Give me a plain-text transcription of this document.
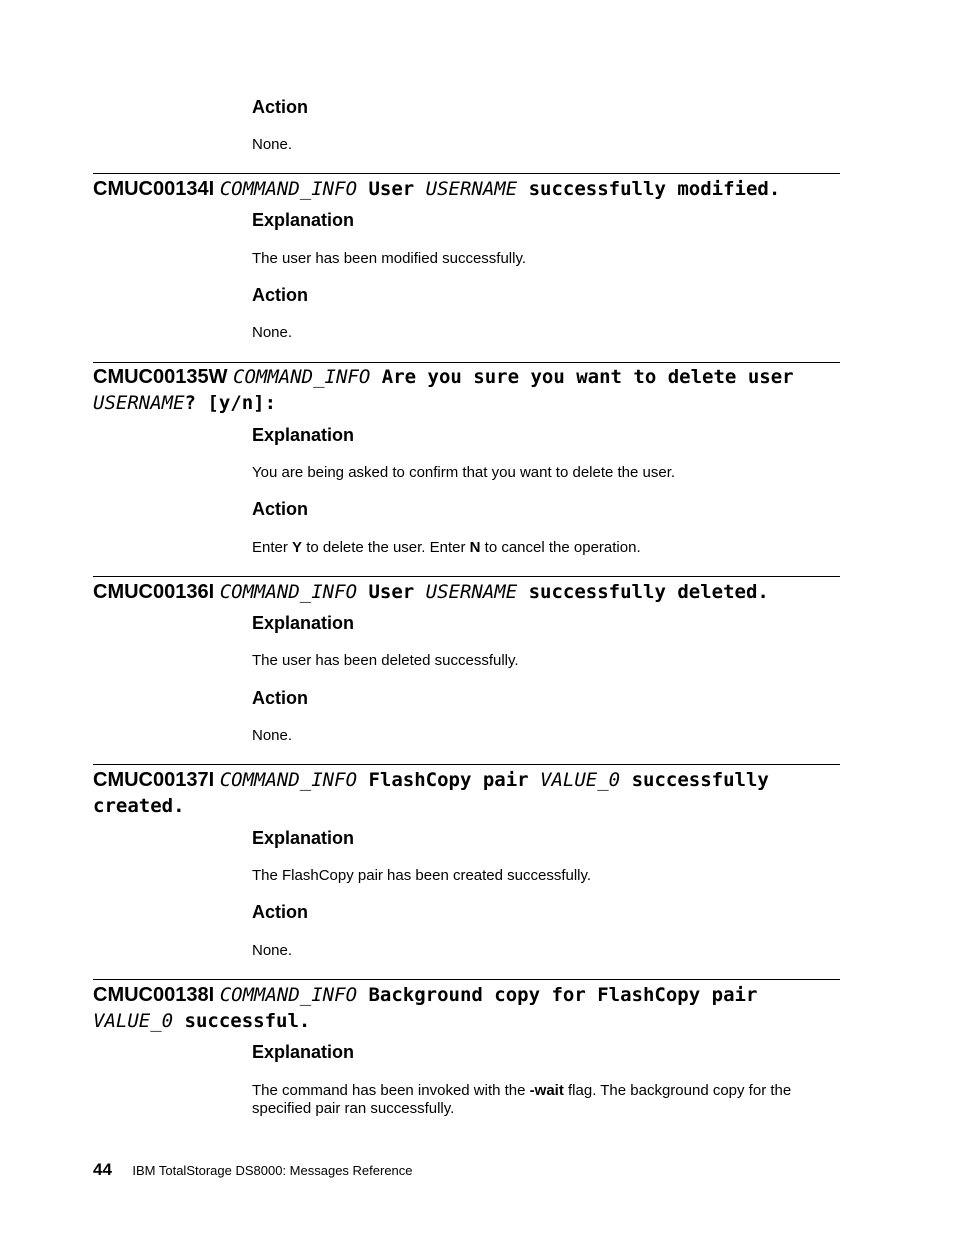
Action
None.
CMUC00134I COMMAND_INFO User USERNAME successfully modified.
Explanation
The user has been modified successfully.
Action
None.
CMUC00135W COMMAND_INFO Are you sure you want to delete user USERNAME? [y/n]:
Explanation
You are being asked to confirm that you want to delete the user.
Action
Enter Y to delete the user. Enter N to cancel the operation.
CMUC00136I COMMAND_INFO User USERNAME successfully deleted.
Explanation
The user has been deleted successfully.
Action
None.
CMUC00137I COMMAND_INFO FlashCopy pair VALUE_0 successfully created.
Explanation
The FlashCopy pair has been created successfully.
Action
None.
CMUC00138I COMMAND_INFO Background copy for FlashCopy pair VALUE_0 successful.
Explanation
The command has been invoked with the -wait flag. The background copy for the specified pair ran successfully.
44 IBM TotalStorage DS8000: Messages Reference
